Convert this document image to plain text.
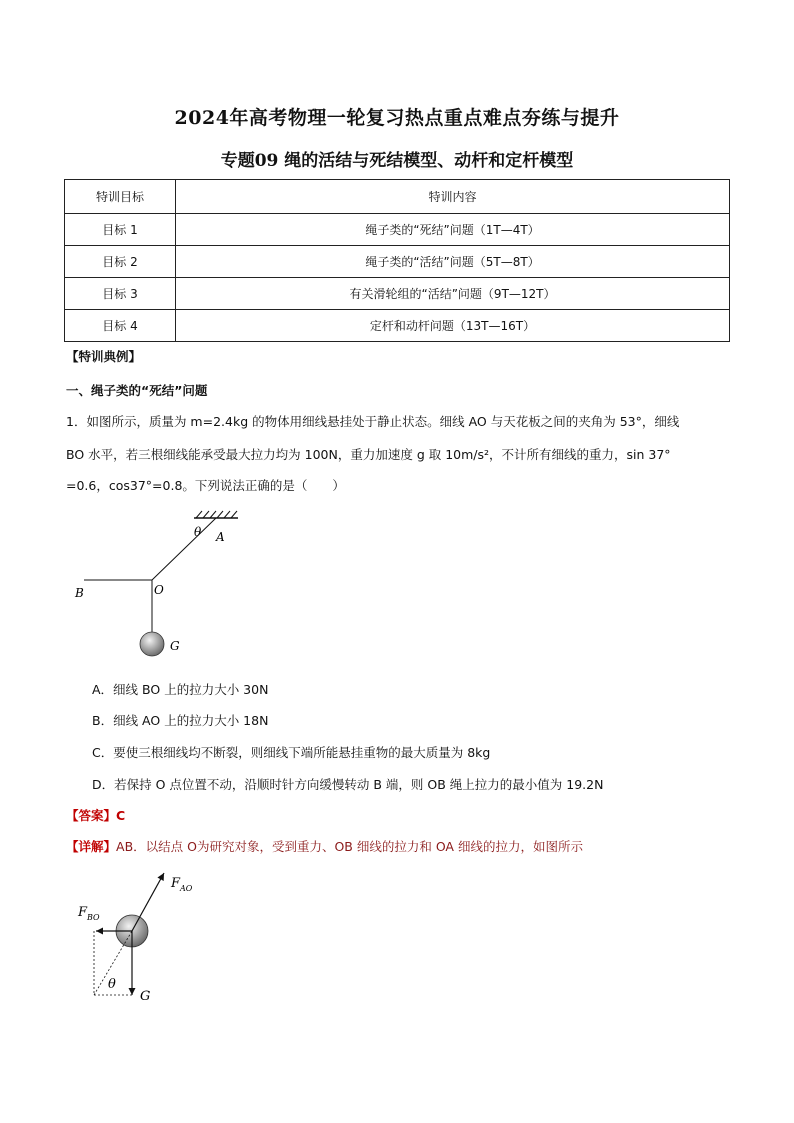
2024年高考物理一轮复习热点重点难点夯练与提升
专题09 绳的活结与死结模型、动杆和定杆模型
特训目标	特训内容
目标 1	绳子类的“死结”问题（1T—4T）
目标 2	绳子类的“活结”问题（5T—8T）
目标 3	有关滑轮组的“活结”问题（9T—12T）
目标 4	定杆和动杆问题（13T—16T）
【特训典例】
一、绳子类的“死结”问题
1．如图所示，质量为 m=2.4kg 的物体用细线悬挂处于静止状态。细线 AO 与天花板之间的夹角为 53°，细线
BO 水平，若三根细线能承受最大拉力均为 100N，重力加速度 g 取 10m/s²，不计所有细线的重力，sin 37°
=0.6，cos37°=0.8。下列说法正确的是（　　）
θ A
B	O
G
A．细线 BO 上的拉力大小 30N
B．细线 AO 上的拉力大小 18N
C．要使三根细线均不断裂，则细线下端所能悬挂重物的最大质量为 8kg
D．若保持 O 点位置不动，沿顺时针方向缓慢转动 B 端，则 OB 绳上拉力的最小值为 19.2N
【答案】C
【详解】AB．以结点 O为研究对象，受到重力、OB 细线的拉力和 OA 细线的拉力，如图所示
$F_{AO}$
$F_{BO}$
θ
G
